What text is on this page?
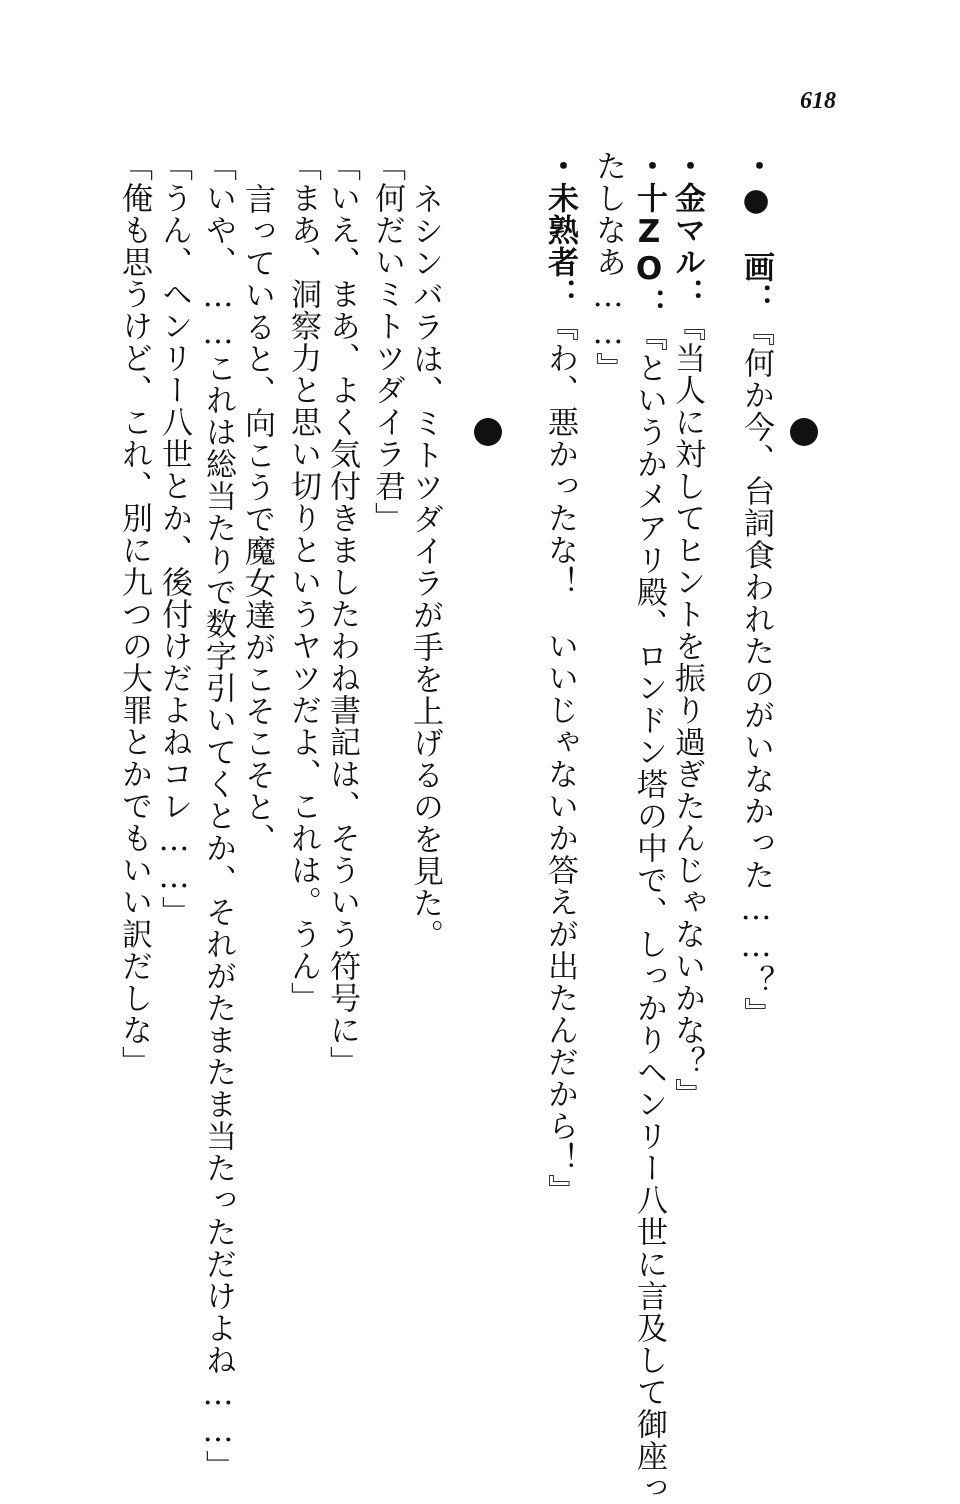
618
・●　画：『何か今、台詞食われたのがいなかった……？』
・金マル：『当人に対してヒントを振り過ぎたんじゃないかな？』
・十ZO：『というかメアリ殿、ロンドン塔の中で、しっかりヘンリー八世に言及して御座っ
たしなあ……』
・未熟者：『わ、悪かったな！　いいじゃないか答えが出たんだから！』
ネシンバラは、ミトツダイラが手を上げるのを見た。
「何だいミトツダイラ君」
「いえ、まあ、よく気付きましたわね書記は、そういう符号に」
「まあ、洞察力と思い切りというヤツだよ、これは。うん」
言っていると、向こうで魔女達がこそこそと、
「いや、……これは総当たりで数字引いてくとか、それがたまたま当たっただけよね……」
「うん、ヘンリー八世とか、後付けだよねコレ……」
「俺も思うけど、これ、別に九つの大罪とかでもいい訳だしな」
